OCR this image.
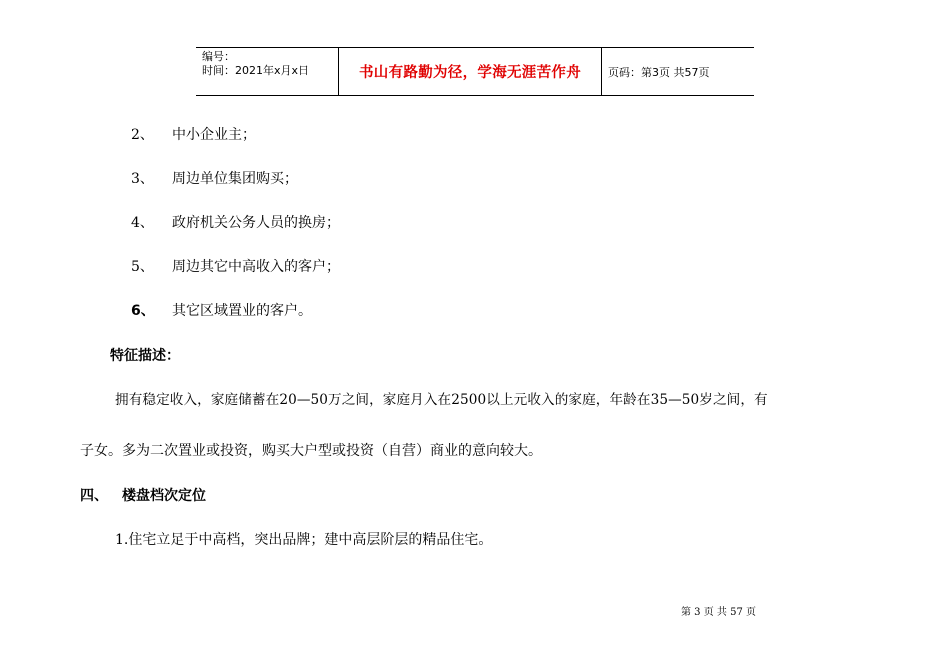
编号：
时间：2021年x月x日	书山有路勤为径，学海无涯苦作舟 页码：第3页 共57页
2、	中小企业主；
3、	周边单位集团购买；
4、	政府机关公务人员的换房；
5、	周边其它中高收入的客户；
6、	其它区域置业的客户。
特征描述：
拥有稳定收入，家庭储蓄在20—50万之间，家庭月入在2500以上元收入的家庭，年龄在35—50岁之间，有
子女。多为二次置业或投资，购买大户型或投资（自营）商业的意向较大。
四、 楼盘档次定位
1.住宅立足于中高档，突出品牌；建中高层阶层的精品住宅。
第 3 页 共 57 页
